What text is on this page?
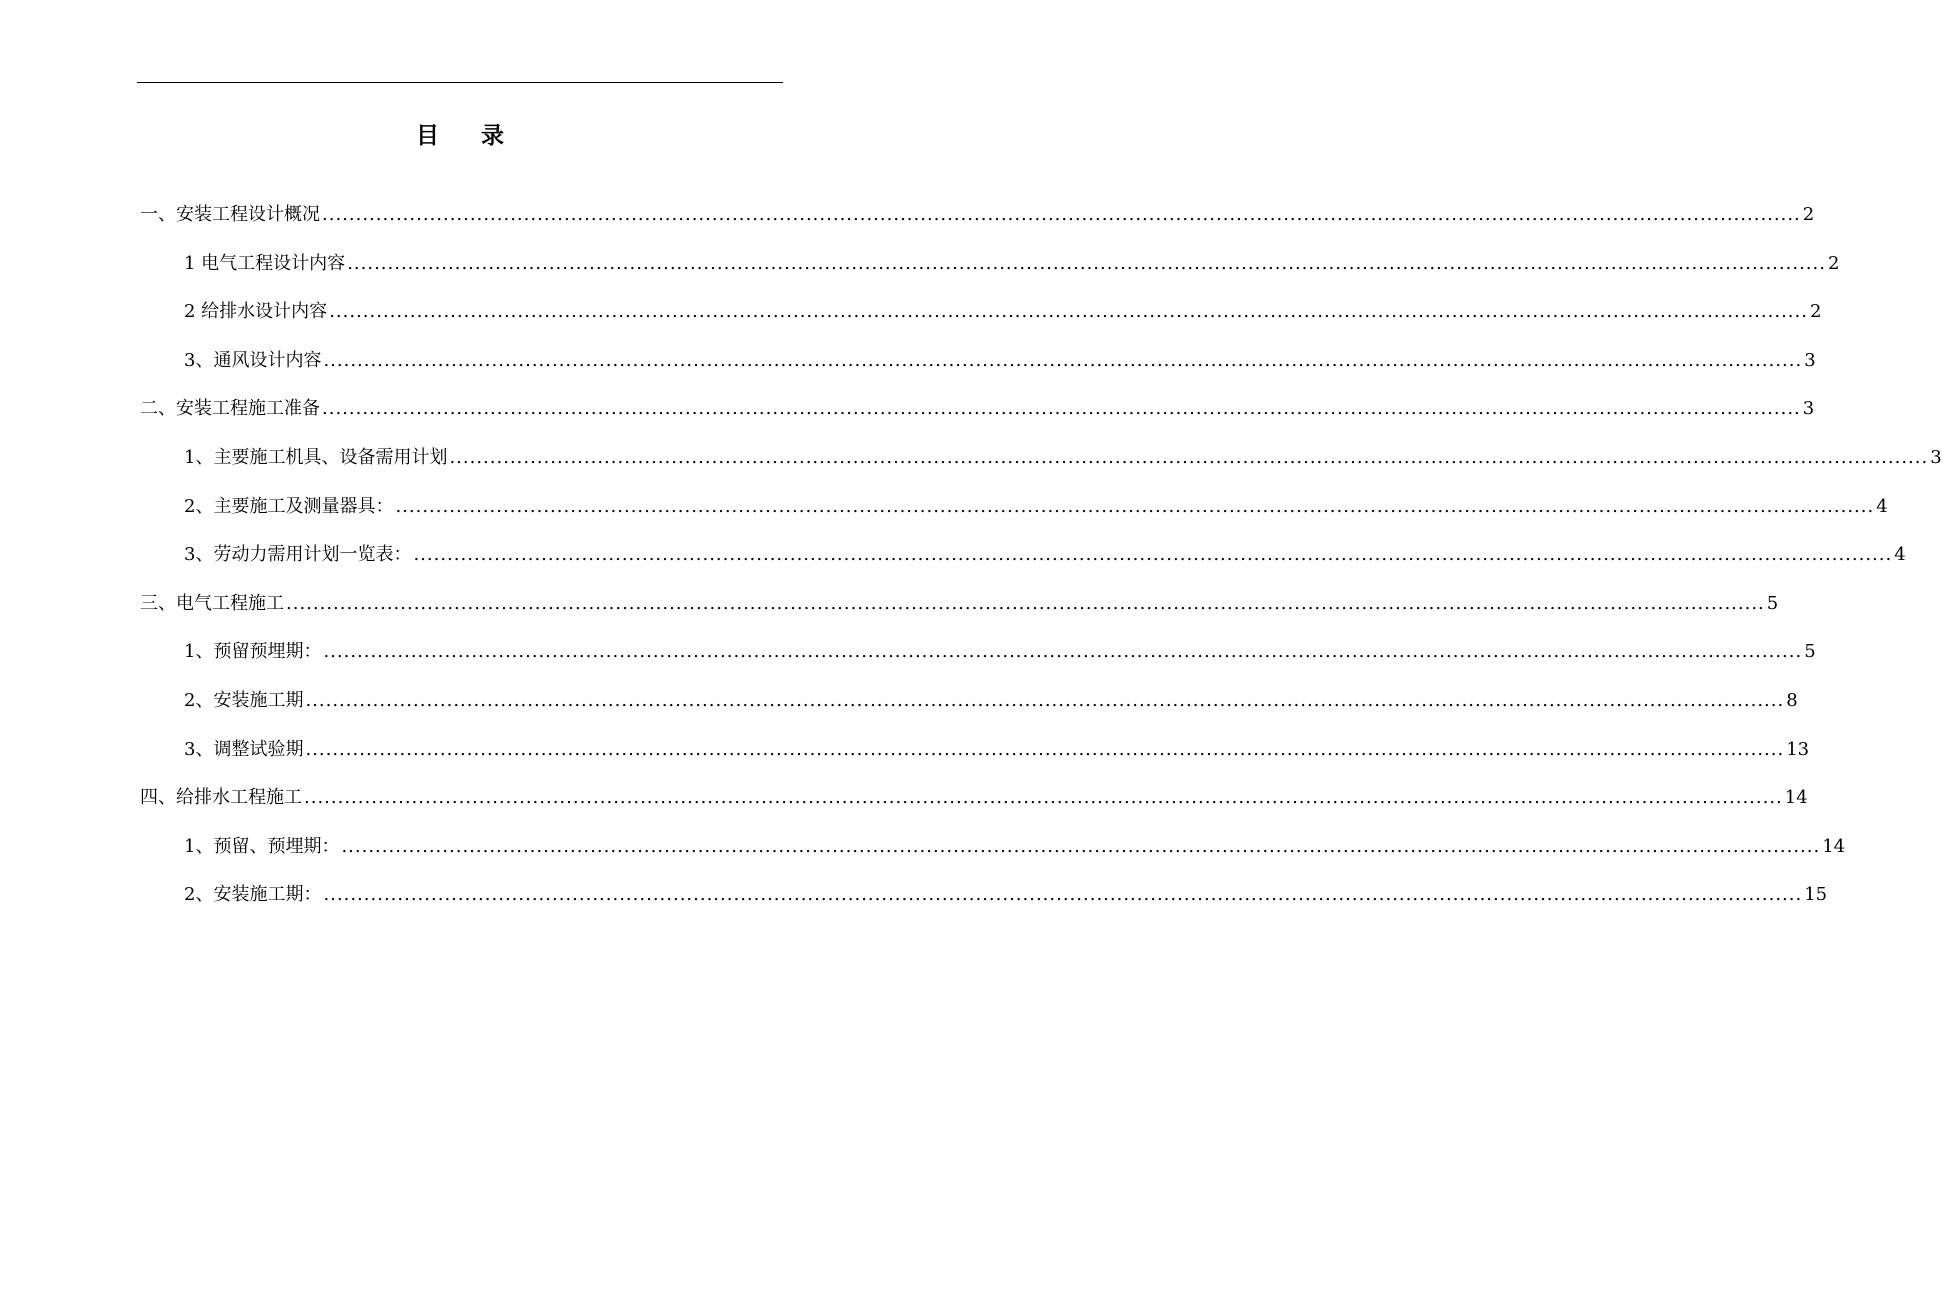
目 录
一、安装工程设计概况 ............................................................................................................................................................................................................................ 2
1 电气工程设计内容 ............................................................................................................................................................................................................................ 2
2 给排水设计内容 ............................................................................................................................................................................................................................ 2
3、通风设计内容 ............................................................................................................................................................................................................................ 3
二、安装工程施工准备 ............................................................................................................................................................................................................................ 3
1、主要施工机具、设备需用计划 ............................................................................................................................................................................................................................ 3
2、主要施工及测量器具： ............................................................................................................................................................................................................................ 4
3、劳动力需用计划一览表： ............................................................................................................................................................................................................................ 4
三、电气工程施工 ............................................................................................................................................................................................................................ 5
1、预留预埋期： ............................................................................................................................................................................................................................ 5
2、安装施工期 ............................................................................................................................................................................................................................ 8
3、调整试验期 ............................................................................................................................................................................................................................ 13
四、给排水工程施工 ............................................................................................................................................................................................................................ 14
1、预留、预埋期： ............................................................................................................................................................................................................................ 14
2、安装施工期： ............................................................................................................................................................................................................................ 15
